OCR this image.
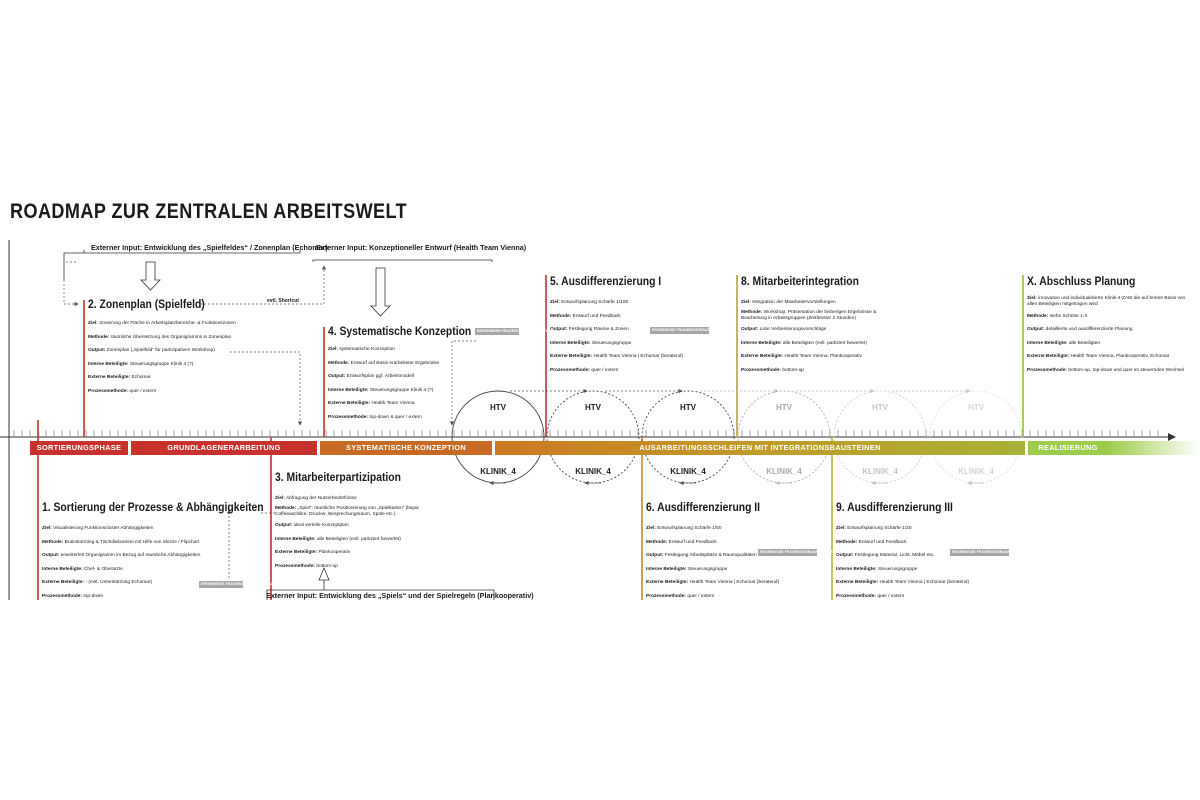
ROADMAP ZUR ZENTRALEN ARBEITSWELT
HTV
KLINIK_4
HTV
KLINIK_4
HTV
KLINIK_4
HTV
KLINIK_4
HTV
KLINIK_4
HTV
KLINIK_4
SORTIERUNGSPHASE	GRUNDLAGENERARBEITUNG	SYSTEMATISCHE KONZEPTION	AUSARBEITUNGSSCHLEIFEN MIT INTEGRATIONSBAUSTEINEN	REALISIERUNG
Externer Input: Entwicklung des „Spielfeldes“ / Zonenplan (Echomar)
Externer Input: Konzeptioneller Entwurf (Health Team Vienna)
Externer Input: Entwicklung des „Spiels“ und der Spielregeln (Plankooperativ)
evtl. Shortcut
2. Zonenplan (Spielfeld)
Ziel: Zonierung der Fläche in Arbeitsplatzbereiche- & Funktionszonen
Methode: räumliche Übersetzung des Organigramms in Zonenplan
Output: Zonenplan („Spielfeld“ für partizipativen Workshop)
Interne Beteiligte: Steuerungsgruppe Klinik 4 (?)
Externe Beteiligte: Echomar
Prozessmethode: quer / extern
4. Systematische Konzeption
Ziel: systematische Konzeption
Methode: Entwurf auf Basis erarbeiteter Ergebnisse
Output: Entwurfsplan ggf. Arbeitsmodell
Interne Beteiligte: Steuerungsgruppe Klinik 4 (?)
Externe Beteiligte: Health Team Vienna
Prozessmethode: top-down & quer / extern
5. Ausdifferenzierung I
Ziel: Entwurfsplanung Schärfe 1/100
Methode: Entwurf und Feedback
Output: Festlegung Räume & Zonen
Interne Beteiligte: Steuerungsgruppe
Externe Beteiligte: Health Team Vienna | Echomar (beratend)
Prozessmethode: quer / extern
8. Mitarbeiterintegration
Ziel: Integration der Mitarbeitervorstellungen
Methode: Workshop, Präsentation der bisherigen Ergebnisse & Bearbeitung in Arbeitsgruppen (Zeitfenster 2 Stunden)
Output: Liste Verbesserungsvorschläge
Interne Beteiligte: alle Beteiligten (evtl. partiziert bewertet)
Externe Beteiligte: Health Team Vienna, Plankooperativ
Prozessmethode: bottom-up
X. Abschluss Planung
Ziel: innovative und individualisierte Klinik-4-ZAW die auf breiter Basis von allen Beteiligten mitgetragen wird
Methode: siehe Schritte 1-X
Output: detaillierte und ausdifferenzierte Planung
Interne Beteiligte: alle Beteiligten
Externe Beteiligte: Health Team Vienna, Plankooperativ, Echomar
Prozessmethode: bottom-up, top-down und quer im steuernden Wechsel
1. Sortierung der Prozesse & Abhängigkeiten
Ziel: Visualisierung Funktionscluster Abhängigkeiten
Methode: Brainstorming & Tischdiskussion mit Hilfe von Skizze / Flipchart
Output: erweitertes Organigramm im Bezug auf räumliche Abhängigkeiten
Interne Beteiligte: Chef- & Oberärzte
Externe Beteiligte: - (evtl. Unterstützung Echomar)
Prozessmethode: top-down
3. Mitarbeiterpartizipation
Ziel: Abfragung der Nutzerbedürfnisse
Methode: „Spiel“: räumliche Positionierung von „Spielkarten“ (bspw. Coffeeaschlike, Drucker, Besprechungsraum, Spüle etc.)
Output: ideal verteile Konzeptplan
Interne Beteiligte: alle Beteiligten (evtl. partiziert bewertet)
Externe Beteiligte: Plankooperativ
Prozessmethode: bottom-up
6. Ausdifferenzierung II
Ziel: Entwurfsplanung Schärfe 1/50
Methode: Entwurf und Feedback
Output: Festlegung Arbeitsplätze & Raumqualitäten
Interne Beteiligte: Steuerungsgruppe
Externe Beteiligte: Health Team Vienna | Echomar (beratend)
Prozessmethode: quer / extern
9. Ausdifferenzierung III
Ziel: Entwurfsplanung Schärfe 1/20
Methode: Entwurf und Feedback
Output: Festlegung Material, Licht, Möbel etc.
Interne Beteiligte: Steuerungsgruppe
Externe Beteiligte: Health Team Vienna | Echomar (beratend)
Prozessmethode: quer / extern
ERGEBNISSE FRAGEBOGENAUSWERTUNG	ERGEBNISSE FRAGEBOGENAUSWERTUNG
ERGEBNISSE FRAGEBOGENAUSWERTUNG
ERGEBNISSE FRAGEBOGENAUSWERTUNG	ERGEBNISSE FRAGEBOGENAUSWERTUNG
